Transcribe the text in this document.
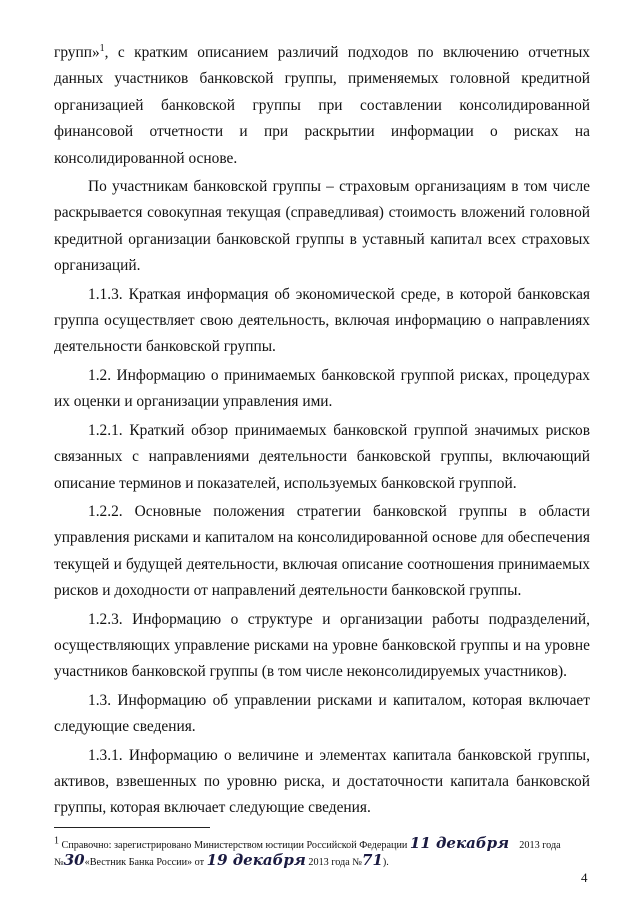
групп»$^1$, с кратким описанием различий подходов по включению отчетных данных участников банковской группы, применяемых головной кредитной организацией банковской группы при составлении консолидированной финансовой отчетности и при раскрытии информации о рисках на консолидированной основе.

По участникам банковской группы – страховым организациям в том числе раскрывается совокупная текущая (справедливая) стоимость вложений головной кредитной организации банковской группы в уставный капитал всех страховых организаций.

1.1.3. Краткая информация об экономической среде, в которой банковская группа осуществляет свою деятельность, включая информацию о направлениях деятельности банковской группы.

1.2. Информацию о принимаемых банковской группой рисках, процедурах их оценки и организации управления ими.

1.2.1. Краткий обзор принимаемых банковской группой значимых рисков связанных с направлениями деятельности банковской группы, включающий описание терминов и показателей, используемых банковской группой.

1.2.2. Основные положения стратегии банковской группы в области управления рисками и капиталом на консолидированной основе для обеспечения текущей и будущей деятельности, включая описание соотношения принимаемых рисков и доходности от направлений деятельности банковской группы.

1.2.3. Информацию о структуре и организации работы подразделений, осуществляющих управление рисками на уровне банковской группы и на уровне участников банковской группы (в том числе неконсолидируемых участников).

1.3. Информацию об управлении рисками и капиталом, которая включает следующие сведения.

1.3.1. Информацию о величине и элементах капитала банковской группы, активов, взвешенных по уровню риска, и достаточности капитала банковской группы, которая включает следующие сведения.

$^1$ Справочно: зарегистрировано Министерством юстиции Российской Федерации 11 декабря 2013 года
№30«Вестник Банка России» от 19 декабря 2013 года №71).
4
